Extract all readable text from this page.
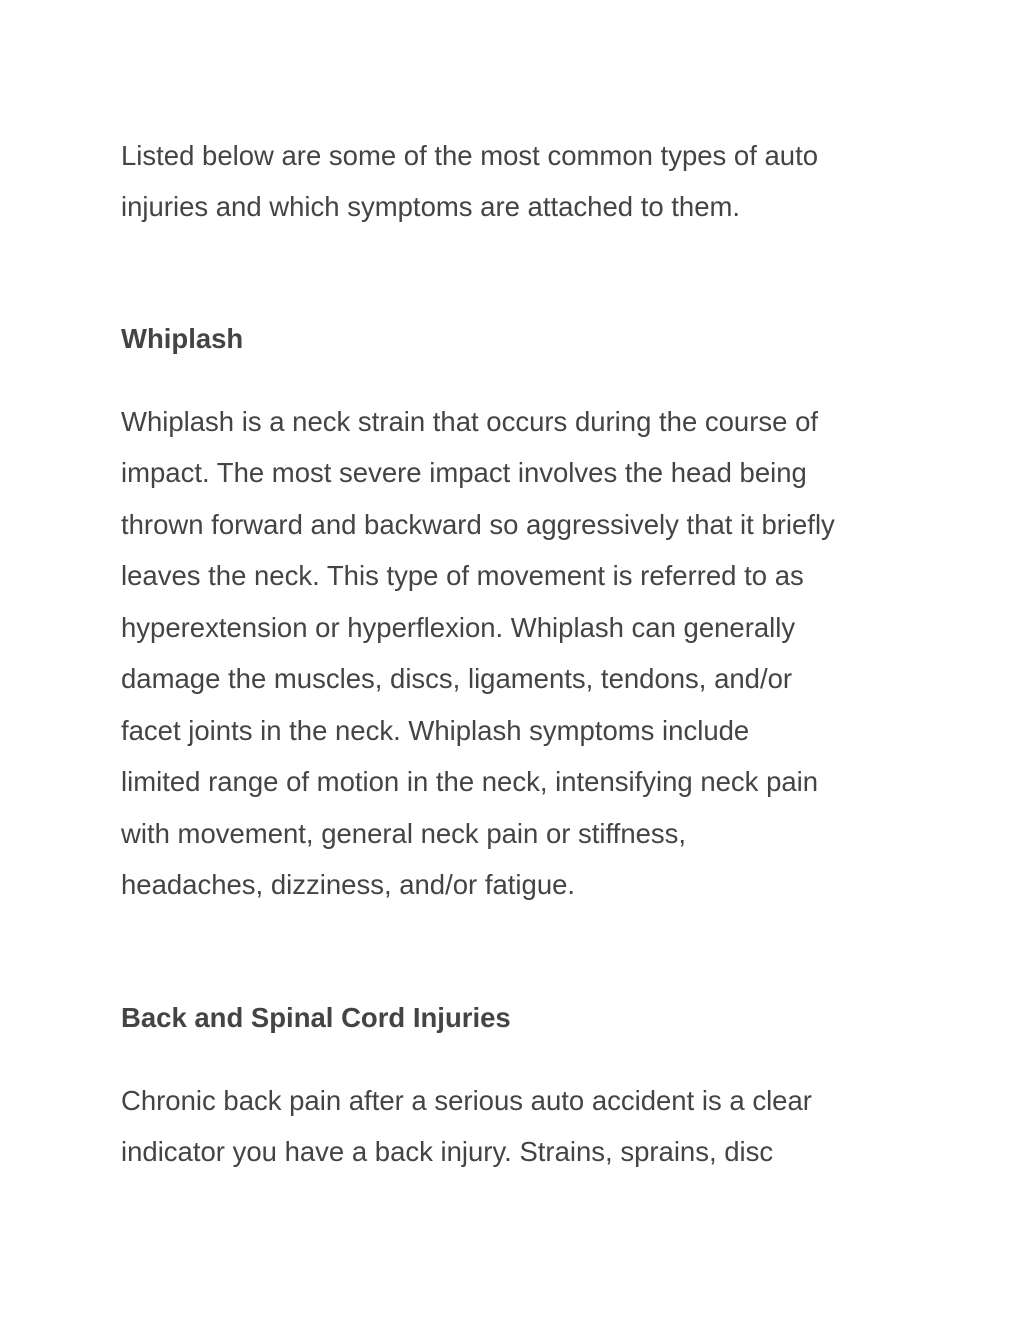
Listed below are some of the most common types of auto
injuries and which symptoms are attached to them.
Whiplash
Whiplash is a neck strain that occurs during the course of
impact. The most severe impact involves the head being
thrown forward and backward so aggressively that it briefly
leaves the neck. This type of movement is referred to as
hyperextension or hyperflexion. Whiplash can generally
damage the muscles, discs, ligaments, tendons, and/or
facet joints in the neck. Whiplash symptoms include
limited range of motion in the neck, intensifying neck pain
with movement, general neck pain or stiffness,
headaches, dizziness, and/or fatigue.
Back and Spinal Cord Injuries
Chronic back pain after a serious auto accident is a clear
indicator you have a back injury. Strains, sprains, disc
